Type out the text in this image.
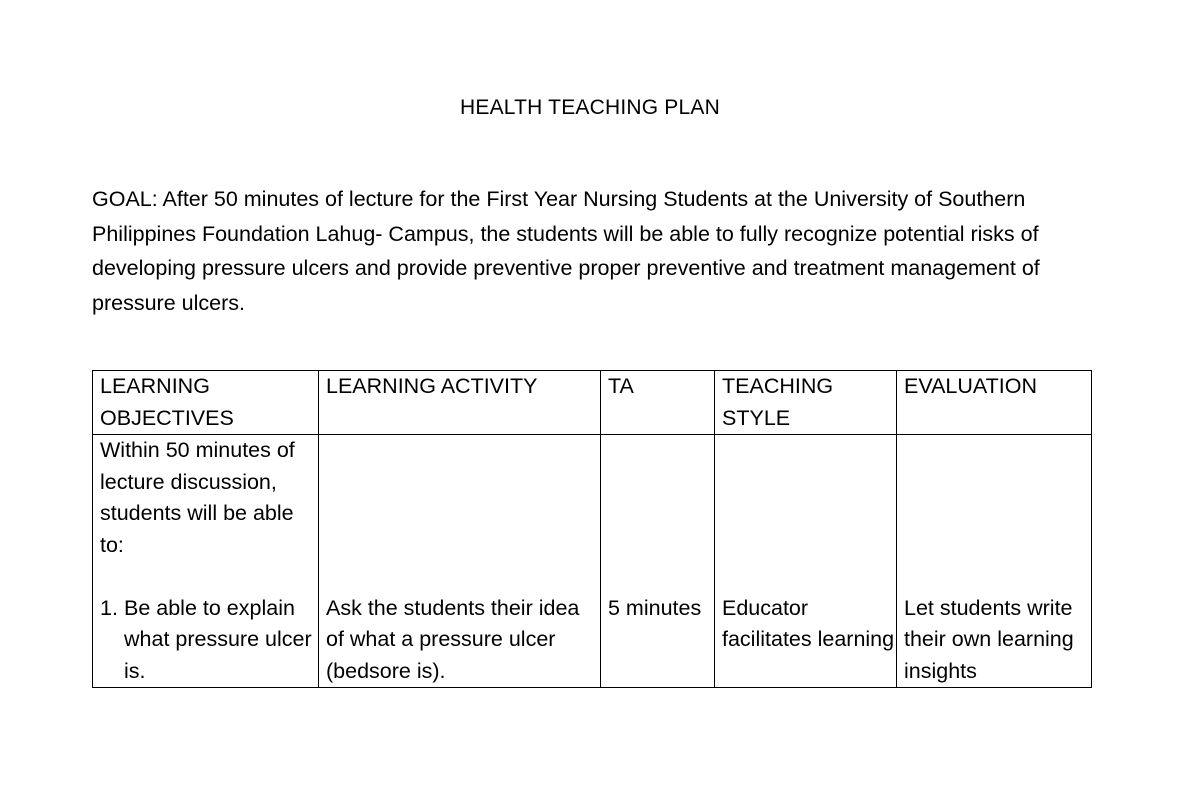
HEALTH TEACHING PLAN

GOAL: After 50 minutes of lecture for the First Year Nursing Students at the University of Southern Philippines Foundation Lahug- Campus, the students will be able to fully recognize potential risks of developing pressure ulcers and provide preventive proper preventive and treatment management of pressure ulcers.

LEARNING OBJECTIVES	LEARNING ACTIVITY	TA	TEACHING STYLE	EVALUATION

Within 50 minutes of lecture discussion, students will be able to:
1. Be able to explain what pressure ulcer is.	Ask the students their idea of what a pressure ulcer (bedsore is).	5 minutes	Educator facilitates learning	Let students write their own learning insights
